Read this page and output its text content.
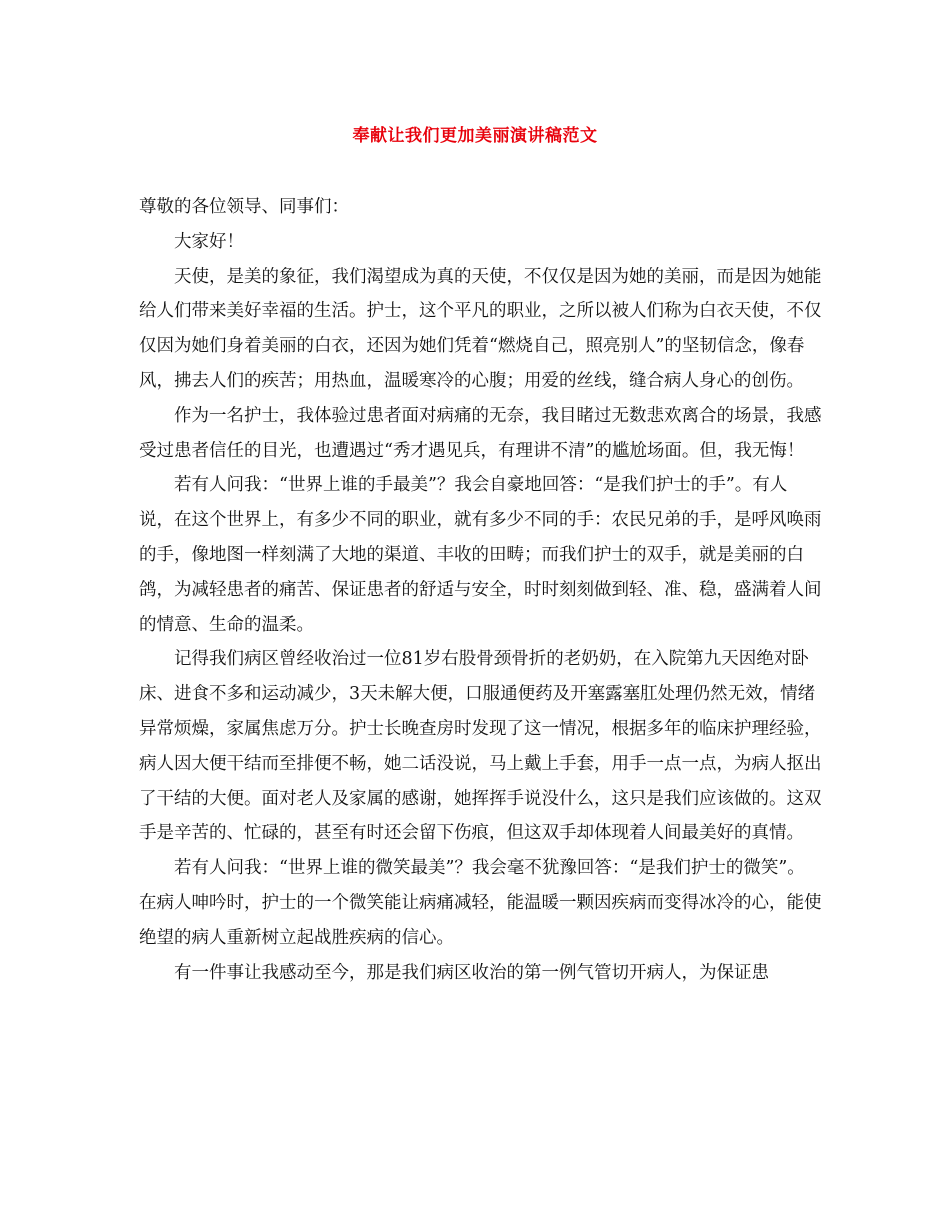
奉献让我们更加美丽演讲稿范文

尊敬的各位领导、同事们：

大家好！

天使，是美的象征，我们渴望成为真的天使，不仅仅是因为她的美丽，而是因为她能给人们带来美好幸福的生活。护士，这个平凡的职业，之所以被人们称为白衣天使，不仅仅因为她们身着美丽的白衣，还因为她们凭着“燃烧自己，照亮别人”的坚韧信念，像春风，拂去人们的疾苦；用热血，温暖寒冷的心腹；用爱的丝线，缝合病人身心的创伤。

作为一名护士，我体验过患者面对病痛的无奈，我目睹过无数悲欢离合的场景，我感受过患者信任的目光，也遭遇过“秀才遇见兵，有理讲不清”的尴尬场面。但，我无悔！

若有人问我：“世界上谁的手最美”？我会自豪地回答：“是我们护士的手”。有人说，在这个世界上，有多少不同的职业，就有多少不同的手：农民兄弟的手，是呼风唤雨的手，像地图一样刻满了大地的渠道、丰收的田畴；而我们护士的双手，就是美丽的白鸽，为减轻患者的痛苦、保证患者的舒适与安全，时时刻刻做到轻、准、稳，盛满着人间的情意、生命的温柔。

记得我们病区曾经收治过一位81岁右股骨颈骨折的老奶奶，在入院第九天因绝对卧床、进食不多和运动减少，3天未解大便，口服通便药及开塞露塞肛处理仍然无效，情绪异常烦燥，家属焦虑万分。护士长晚查房时发现了这一情况，根据多年的临床护理经验，病人因大便干结而至排便不畅，她二话没说，马上戴上手套，用手一点一点，为病人抠出了干结的大便。面对老人及家属的感谢，她挥挥手说没什么，这只是我们应该做的。这双手是辛苦的、忙碌的，甚至有时还会留下伤痕，但这双手却体现着人间最美好的真情。

若有人问我：“世界上谁的微笑最美”？我会毫不犹豫回答：“是我们护士的微笑”。在病人呻吟时，护士的一个微笑能让病痛减轻，能温暖一颗因疾病而变得冰冷的心，能使绝望的病人重新树立起战胜疾病的信心。

有一件事让我感动至今，那是我们病区收治的第一例气管切开病人，为保证患
